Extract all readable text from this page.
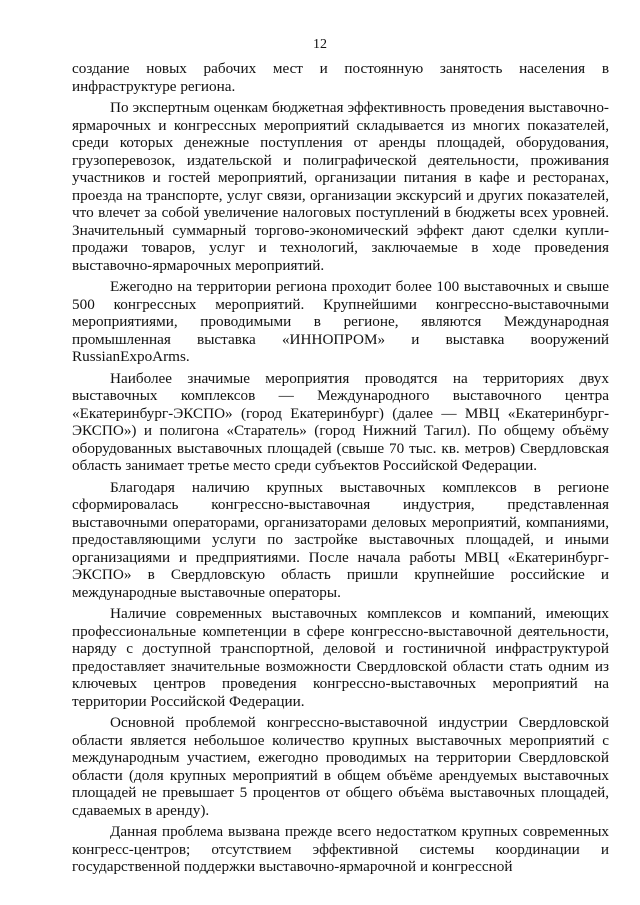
12

создание новых рабочих мест и постоянную занятость населения в инфраструктуре региона.

По экспертным оценкам бюджетная эффективность проведения выставочно-ярмарочных и конгрессных мероприятий складывается из многих показателей, среди которых денежные поступления от аренды площадей, оборудования, грузоперевозок, издательской и полиграфической деятельности, проживания участников и гостей мероприятий, организации питания в кафе и ресторанах, проезда на транспорте, услуг связи, организации экскурсий и других показателей, что влечет за собой увеличение налоговых поступлений в бюджеты всех уровней. Значительный суммарный торгово-экономический эффект дают сделки купли-продажи товаров, услуг и технологий, заключаемые в ходе проведения выставочно-ярмарочных мероприятий.

Ежегодно на территории региона проходит более 100 выставочных и свыше 500 конгрессных мероприятий. Крупнейшими конгрессно-выставочными мероприятиями, проводимыми в регионе, являются Международная промышленная выставка «ИННОПРОМ» и выставка вооружений RussianExpoArms.

Наиболее значимые мероприятия проводятся на территориях двух выставочных комплексов — Международного выставочного центра «Екатеринбург-ЭКСПО» (город Екатеринбург) (далее — МВЦ «Екатеринбург-ЭКСПО») и полигона «Старатель» (город Нижний Тагил). По общему объёму оборудованных выставочных площадей (свыше 70 тыс. кв. метров) Свердловская область занимает третье место среди субъектов Российской Федерации.

Благодаря наличию крупных выставочных комплексов в регионе сформировалась конгрессно-выставочная индустрия, представленная выставочными операторами, организаторами деловых мероприятий, компаниями, предоставляющими услуги по застройке выставочных площадей, и иными организациями и предприятиями. После начала работы МВЦ «Екатеринбург-ЭКСПО» в Свердловскую область пришли крупнейшие российские и международные выставочные операторы.

Наличие современных выставочных комплексов и компаний, имеющих профессиональные компетенции в сфере конгрессно-выставочной деятельности, наряду с доступной транспортной, деловой и гостиничной инфраструктурой предоставляет значительные возможности Свердловской области стать одним из ключевых центров проведения конгрессно-выставочных мероприятий на территории Российской Федерации.

Основной проблемой конгрессно-выставочной индустрии Свердловской области является небольшое количество крупных выставочных мероприятий с международным участием, ежегодно проводимых на территории Свердловской области (доля крупных мероприятий в общем объёме арендуемых выставочных площадей не превышает 5 процентов от общего объёма выставочных площадей, сдаваемых в аренду).

Данная проблема вызвана прежде всего недостатком крупных современных конгресс-центров; отсутствием эффективной системы координации и государственной поддержки выставочно-ярмарочной и конгрессной
